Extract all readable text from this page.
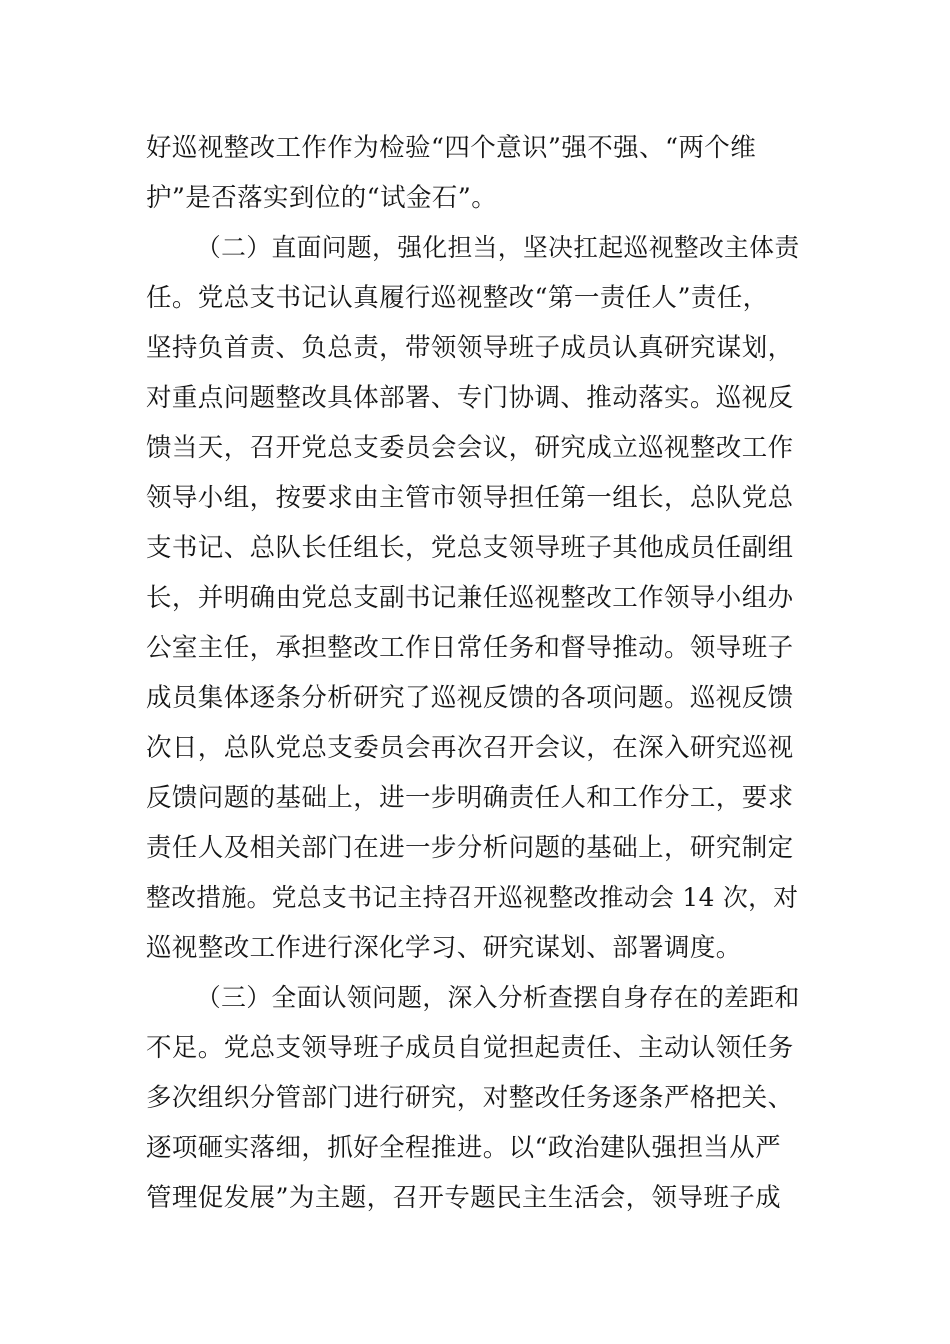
好巡视整改工作作为检验“四个意识”强不强、“两个维
护”是否落实到位的“试金石”。
（二）直面问题，强化担当，坚决扛起巡视整改主体责
任。党总支书记认真履行巡视整改“第一责任人”责任，
坚持负首责、负总责，带领领导班子成员认真研究谋划，
对重点问题整改具体部署、专门协调、推动落实。巡视反
馈当天，召开党总支委员会会议，研究成立巡视整改工作
领导小组，按要求由主管市领导担任第一组长，总队党总
支书记、总队长任组长，党总支领导班子其他成员任副组
长，并明确由党总支副书记兼任巡视整改工作领导小组办
公室主任，承担整改工作日常任务和督导推动。领导班子
成员集体逐条分析研究了巡视反馈的各项问题。巡视反馈
次日，总队党总支委员会再次召开会议，在深入研究巡视
反馈问题的基础上，进一步明确责任人和工作分工，要求
责任人及相关部门在进一步分析问题的基础上，研究制定
整改措施。党总支书记主持召开巡视整改推动会 14 次，对
巡视整改工作进行深化学习、研究谋划、部署调度。
（三）全面认领问题，深入分析查摆自身存在的差距和
不足。党总支领导班子成员自觉担起责任、主动认领任务
多次组织分管部门进行研究，对整改任务逐条严格把关、
逐项砸实落细，抓好全程推进。以“政治建队强担当从严
管理促发展”为主题，召开专题民主生活会，领导班子成
